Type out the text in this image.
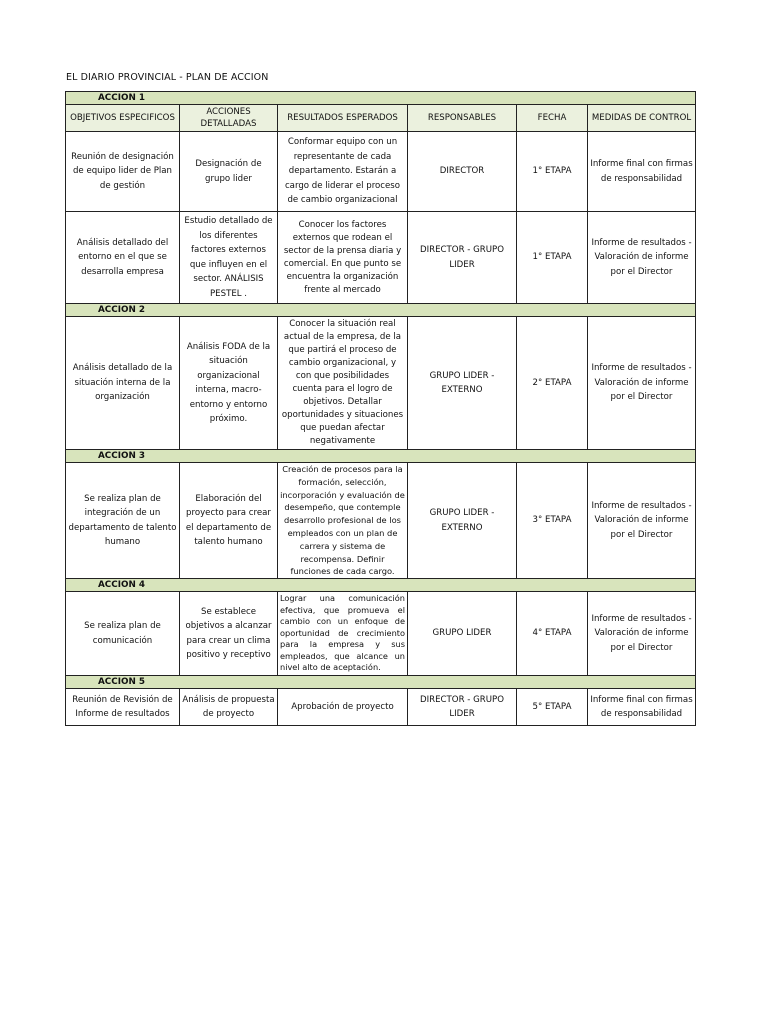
EL DIARIO PROVINCIAL - PLAN DE ACCION
ACCION 1					
OBJETIVOS ESPECIFICOS	ACCIONES DETALLADAS	RESULTADOS ESPERADOS	RESPONSABLES	FECHA	MEDIDAS DE CONTROL
Reunión de designación de equipo lider de Plan de gestión	Designación de grupo lider	Conformar equipo con un representante de cada departamento. Estarán a cargo de liderar el proceso de cambio organizacional	DIRECTOR	1° ETAPA	Informe final con firmas de responsabilidad
Análisis detallado del entorno en el que se desarrolla empresa	Estudio detallado de los diferentes factores externos que influyen en el sector. ANÁLISIS PESTEL .	Conocer los factores externos que rodean el sector de la prensa diaria y comercial. En que punto se encuentra la organización frente al mercado	DIRECTOR - GRUPO LIDER	1° ETAPA	Informe de resultados - Valoración de informe por el Director
ACCION 2					
Análisis detallado de la situación interna de la organización	Análisis FODA de la situación organizacional interna, macro-entorno y entorno próximo.	Conocer la situación real actual de la empresa, de la que partirá el proceso de cambio organizacional, y con que posibilidades cuenta para el logro de objetivos. Detallar oportunidades y situaciones que puedan afectar negativamente	GRUPO LIDER - EXTERNO	2° ETAPA	Informe de resultados - Valoración de informe por el Director
ACCION 3					
Se realiza plan de integración de un departamento de talento humano	Elaboración del proyecto para crear el departamento de talento humano	Creación de procesos para la formación, selección, incorporación y evaluación de desempeño, que contemple desarrollo profesional de los empleados con un plan de carrera y sistema de recompensa. Definir funciones de cada cargo.	GRUPO LIDER - EXTERNO	3° ETAPA	Informe de resultados - Valoración de informe por el Director
ACCION 4					
Se realiza plan de comunicación	Se establece objetivos a alcanzar para crear un clima positivo y receptivo	Lograr una comunicación efectiva, que promueva el cambio con un enfoque de oportunidad de crecimiento para la empresa y sus empleados, que alcance un nivel alto de aceptación.	GRUPO LIDER	4° ETAPA	Informe de resultados - Valoración de informe por el Director
ACCION 5					
Reunión de Revisión de Informe de resultados	Análisis de propuesta de proyecto	Aprobación de proyecto	DIRECTOR - GRUPO LIDER	5° ETAPA	Informe final con firmas de responsabilidad
